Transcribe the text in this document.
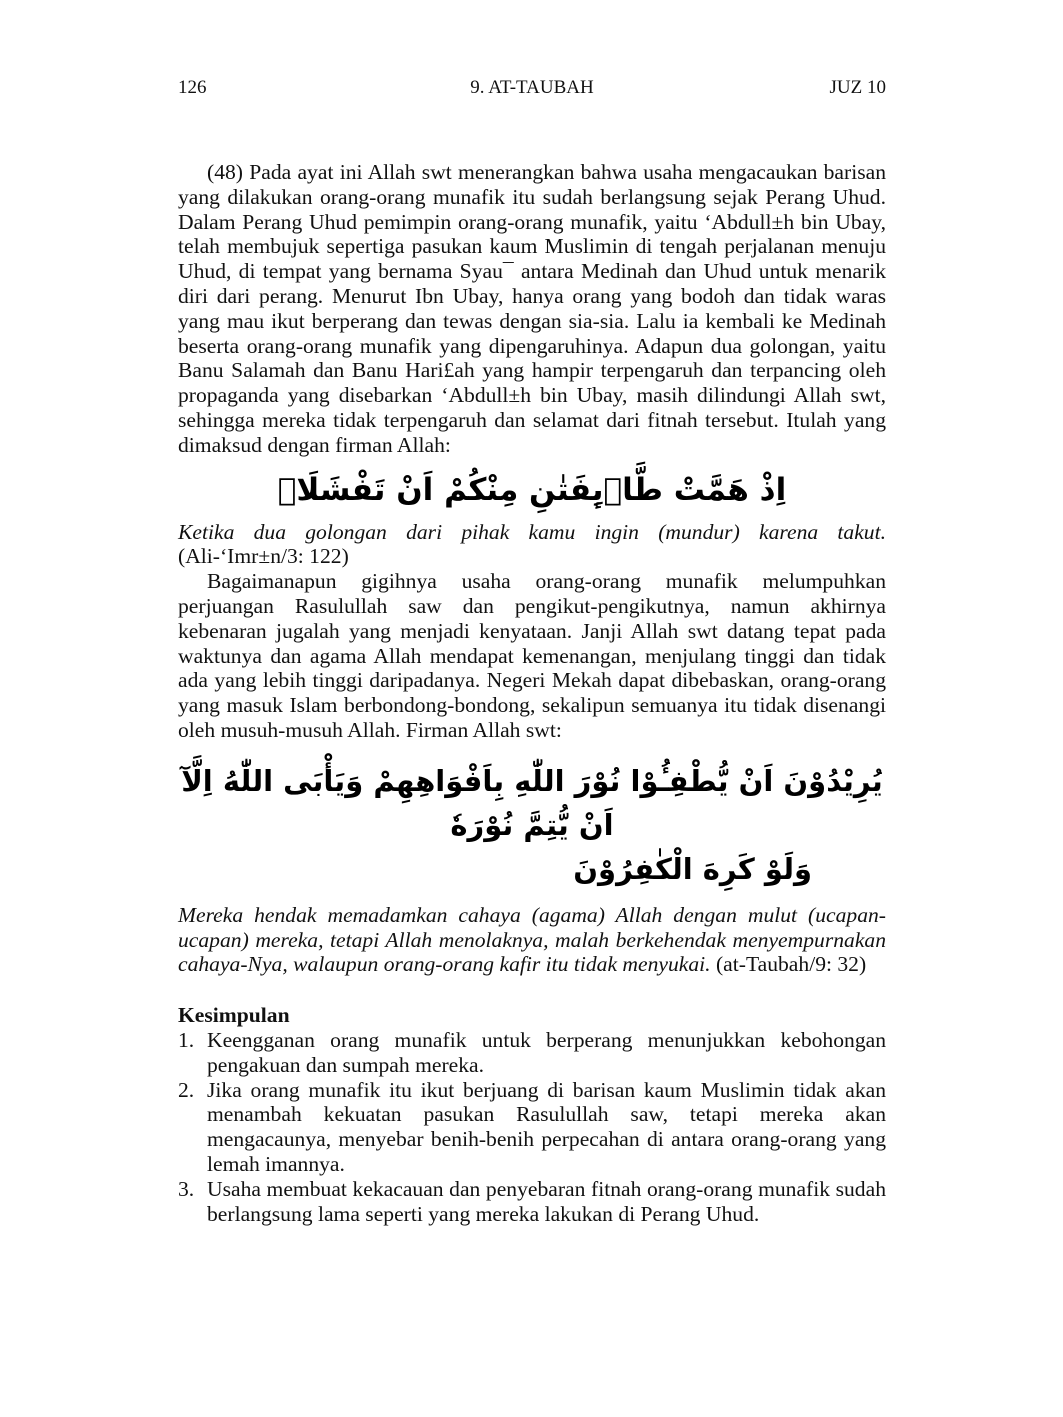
126	9. AT-TAUBAH	JUZ 10

(48) Pada ayat ini Allah swt menerangkan bahwa usaha mengacaukan barisan yang dilakukan orang-orang munafik itu sudah berlangsung sejak Perang Uhud. Dalam Perang Uhud pemimpin orang-orang munafik, yaitu ‘Abdull±h bin Ubay, telah membujuk sepertiga pasukan kaum Muslimin di tengah perjalanan menuju Uhud, di tempat yang bernama Syau¯ antara Medinah dan Uhud untuk menarik diri dari perang. Menurut Ibn Ubay, hanya orang yang bodoh dan tidak waras yang mau ikut berperang dan tewas dengan sia-sia. Lalu ia kembali ke Medinah beserta orang-orang munafik yang dipengaruhinya. Adapun dua golongan, yaitu Banu Salamah dan Banu Hari£ah yang hampir terpengaruh dan terpancing oleh propaganda yang disebarkan ‘Abdull±h bin Ubay, masih dilindungi Allah swt, sehingga mereka tidak terpengaruh dan selamat dari fitnah tersebut. Itulah yang dimaksud dengan firman Allah:

اِذْ هَمَّتْ طَّاۤىِٕفَتٰنِ مِنْكُمْ اَنْ تَفْشَلَاۙ

Ketika dua golongan dari pihak kamu ingin (mundur) karena takut. (Ali-‘Imr±n/3: 122)

Bagaimanapun gigihnya usaha orang-orang munafik melumpuhkan perjuangan Rasulullah saw dan pengikut-pengikutnya, namun akhirnya kebenaran jugalah yang menjadi kenyataan. Janji Allah swt datang tepat pada waktunya dan agama Allah mendapat kemenangan, menjulang tinggi dan tidak ada yang lebih tinggi daripadanya. Negeri Mekah dapat dibebaskan, orang-orang yang masuk Islam berbondong-bondong, sekalipun semuanya itu tidak disenangi oleh musuh-musuh Allah. Firman Allah swt:

يُرِيْدُوْنَ اَنْ يُّطْفِـُٔوْا نُوْرَ اللّٰهِ بِاَفْوَاهِهِمْ وَيَأْبَى اللّٰهُ اِلَّآ اَنْ يُّتِمَّ نُوْرَهٗ
وَلَوْ كَرِهَ الْكٰفِرُوْنَ

Mereka hendak memadamkan cahaya (agama) Allah dengan mulut (ucapan-ucapan) mereka, tetapi Allah menolaknya, malah berkehendak menyempurnakan cahaya-Nya, walaupun orang-orang kafir itu tidak menyukai. (at-Taubah/9: 32)

Kesimpulan
1. Keengganan orang munafik untuk berperang menunjukkan kebohongan pengakuan dan sumpah mereka.
2. Jika orang munafik itu ikut berjuang di barisan kaum Muslimin tidak akan menambah kekuatan pasukan Rasulullah saw, tetapi mereka akan mengacaunya, menyebar benih-benih perpecahan di antara orang-orang yang lemah imannya.
3. Usaha membuat kekacauan dan penyebaran fitnah orang-orang munafik sudah berlangsung lama seperti yang mereka lakukan di Perang Uhud.
